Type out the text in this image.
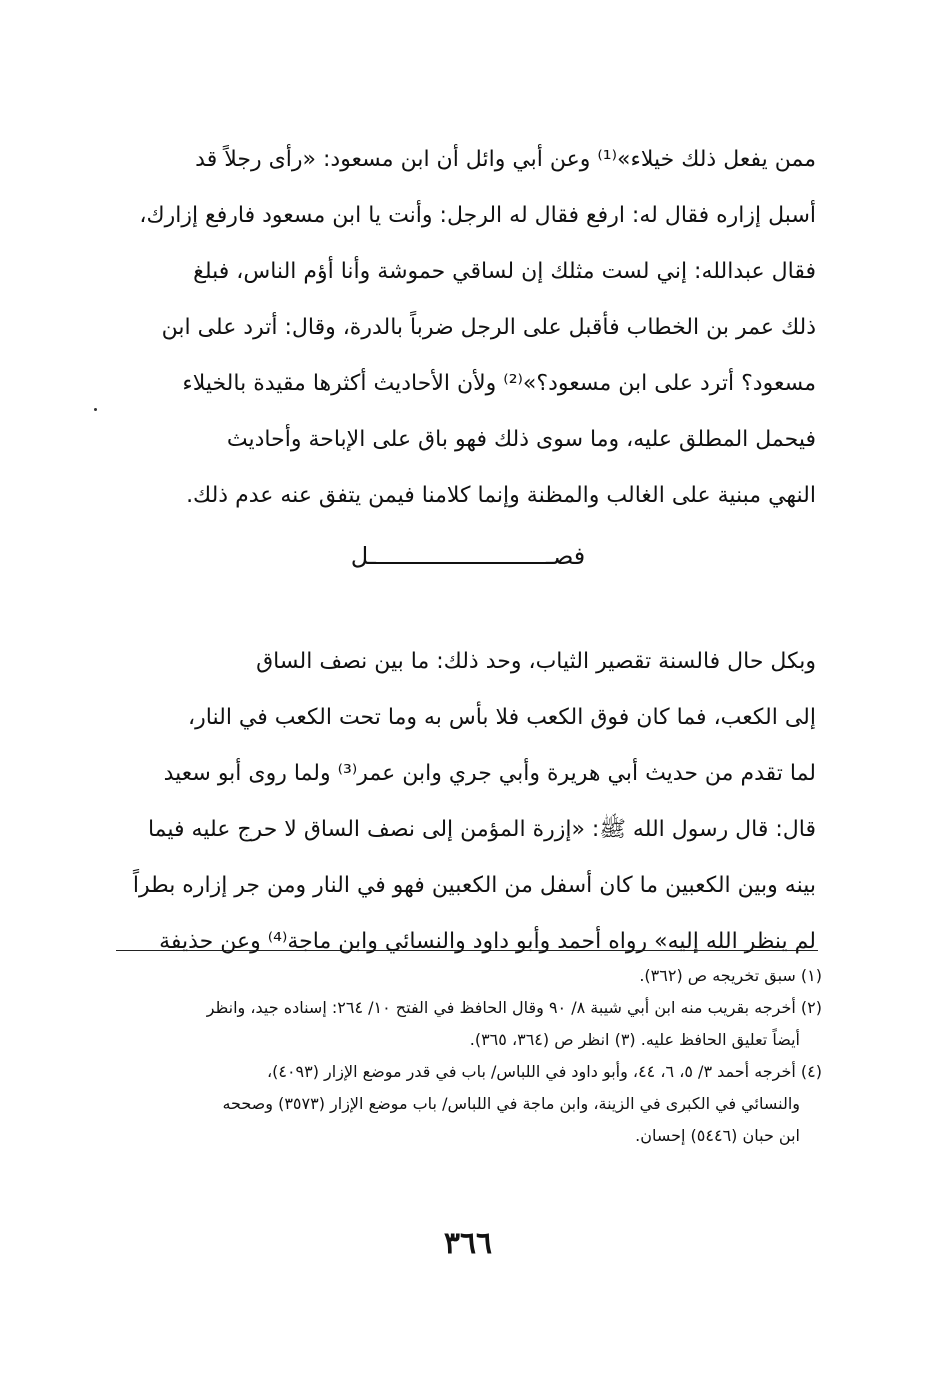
ممن يفعل ذلك خيلاء»⁽¹⁾ وعن أبي وائل أن ابن مسعود: «رأى رجلاً قد
أسبل إزاره فقال له: ارفع فقال له الرجل: وأنت يا ابن مسعود فارفع إزارك،
فقال عبدالله: إني لست مثلك إن لساقي حموشة وأنا أؤم الناس، فبلغ
ذلك عمر بن الخطاب فأقبل على الرجل ضرباً بالدرة، وقال: أترد على ابن
مسعود؟ أترد على ابن مسعود؟»⁽²⁾ ولأن الأحاديث أكثرها مقيدة بالخيلاء
فيحمل المطلق عليه، وما سوى ذلك فهو باق على الإباحة وأحاديث
النهي مبنية على الغالب والمظنة وإنما كلامنا فيمن يتفق عنه عدم ذلك.
فصــل
وبكل حال فالسنة تقصير الثياب، وحد ذلك: ما بين نصف الساق
إلى الكعب، فما كان فوق الكعب فلا بأس به وما تحت الكعب في النار،
لما تقدم من حديث أبي هريرة وأبي جري وابن عمر⁽³⁾ ولما روى أبو سعيد
قال: قال رسول الله ﷺ: «إزرة المؤمن إلى نصف الساق لا حرج عليه فيما
بينه وبين الكعبين ما كان أسفل من الكعبين فهو في النار ومن جر إزاره بطراً
لم ينظر الله إليه» رواه أحمد وأبو داود والنسائي وابن ماجة⁽⁴⁾ وعن حذيفة
(١) سبق تخريجه ص (٣٦٢).
(٢) أخرجه بقريب منه ابن أبي شيبة ٨/ ٩٠ وقال الحافظ في الفتح ١٠/ ٢٦٤: إسناده جيد، وانظر
أيضاً تعليق الحافظ عليه. (٣) انظر ص (٣٦٤، ٣٦٥).
(٤) أخرجه أحمد ٣/ ٥، ٦، ٤٤، وأبو داود في اللباس/ باب في قدر موضع الإزار (٤٠٩٣)،
والنسائي في الكبرى في الزينة، وابن ماجة في اللباس/ باب موضع الإزار (٣٥٧٣) وصححه
ابن حبان (٥٤٤٦) إحسان.
٣٦٦
